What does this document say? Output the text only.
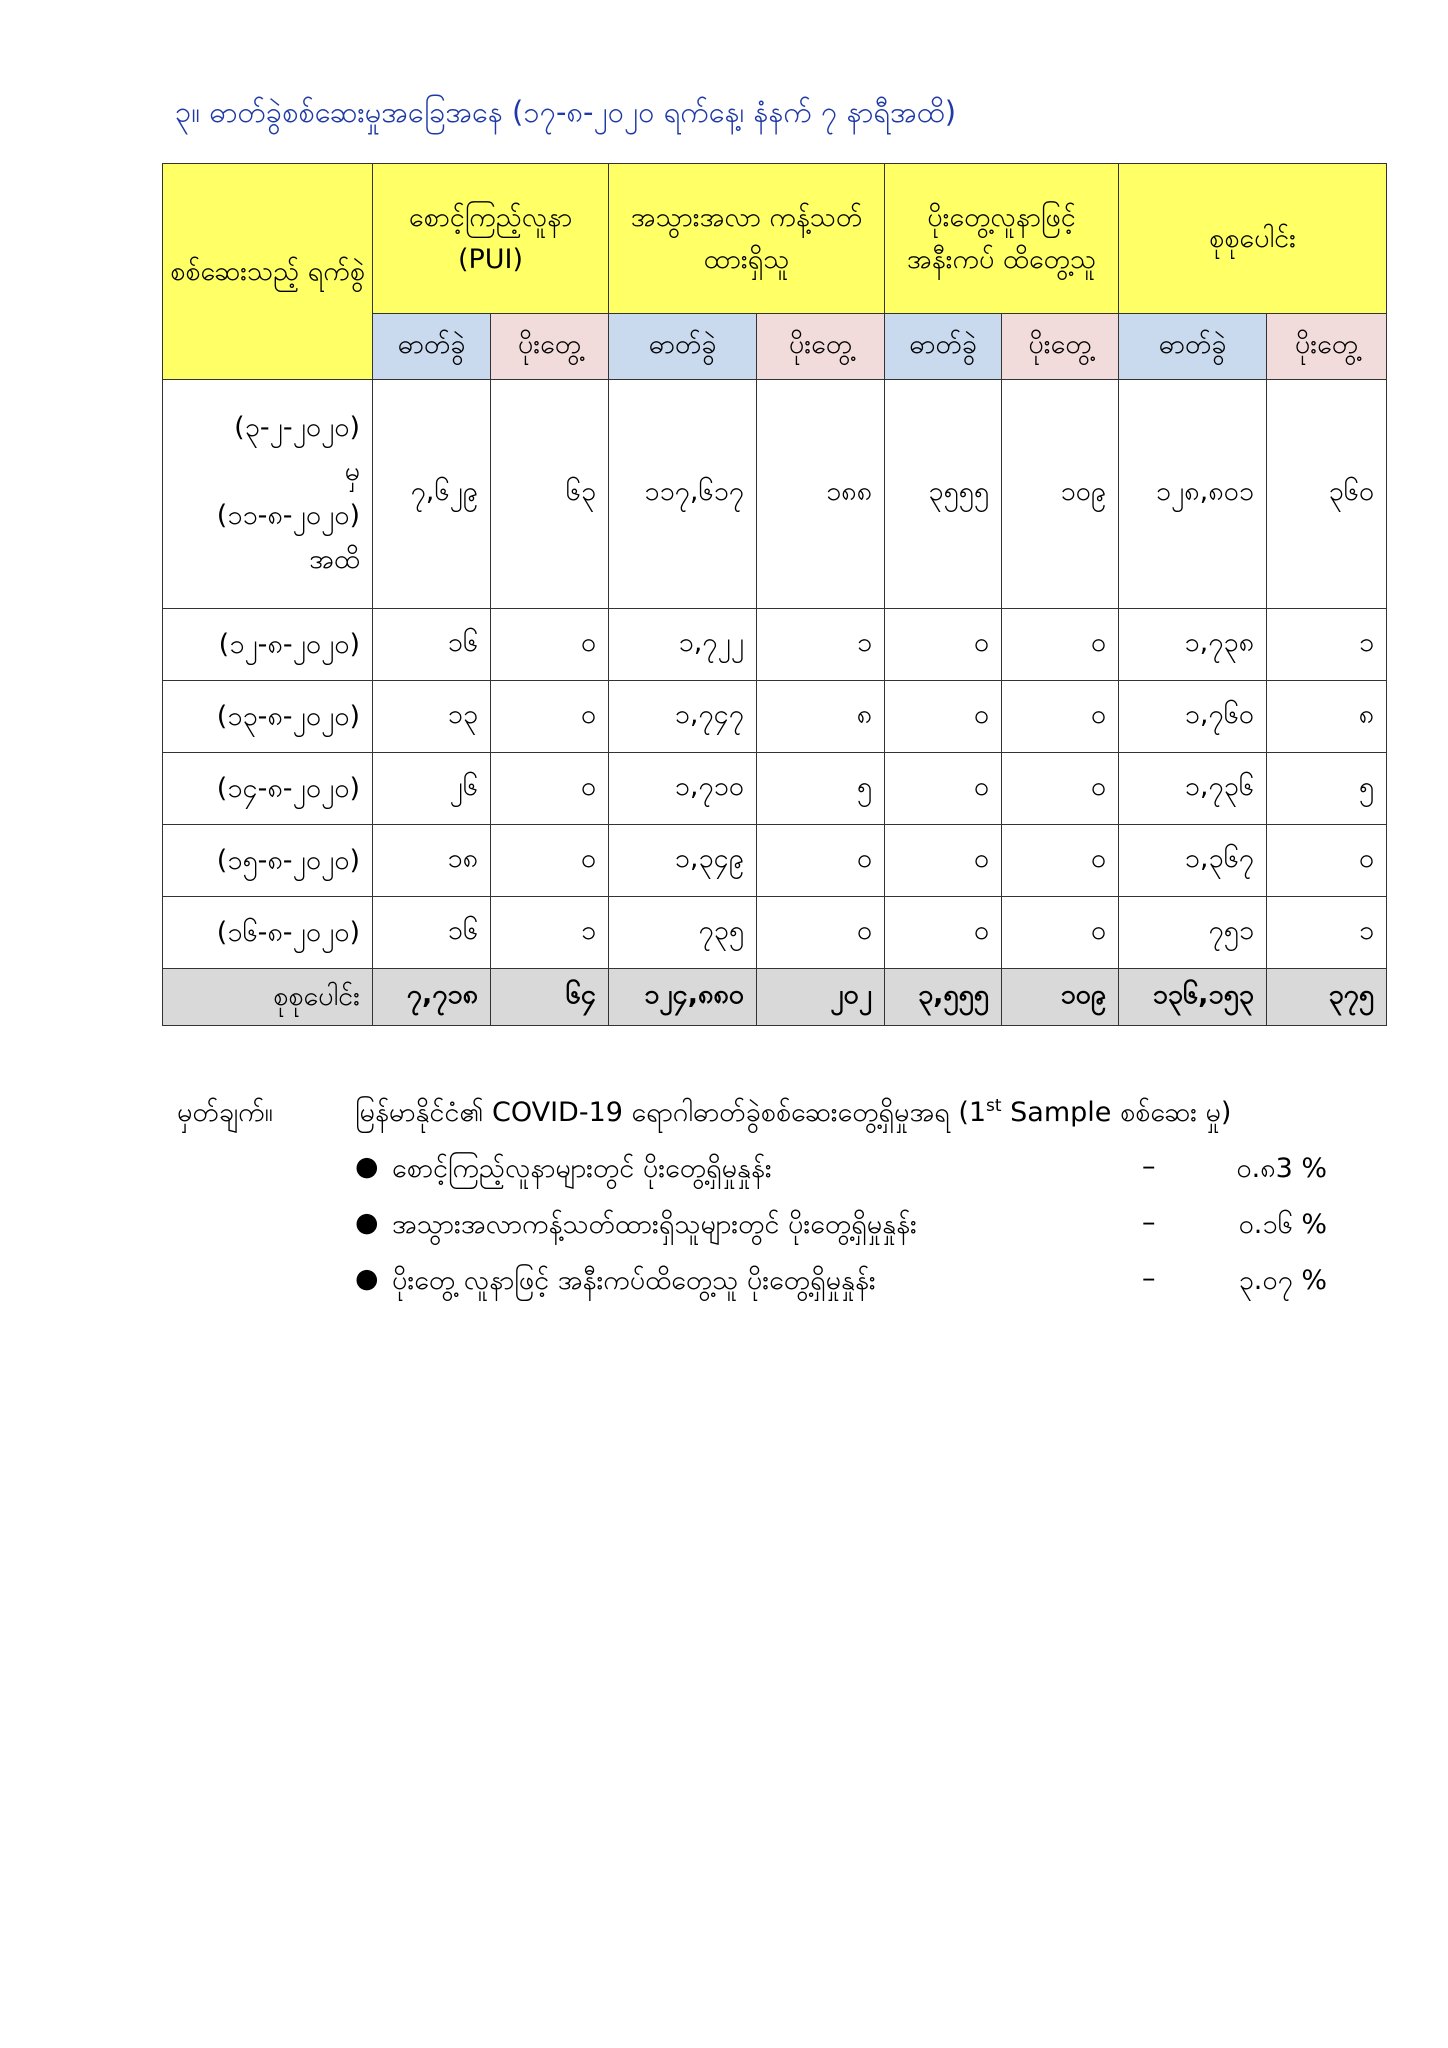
၃။ ဓာတ်ခွဲစစ်ဆေးမှုအခြေအနေ (၁၇-၈-၂၀၂၀ ရက်နေ့၊ နံနက် ၇ နာရီအထိ)
စစ်ဆေးသည့် ရက်စွဲ	စောင့်ကြည့်လူနာ (PUI)		အသွားအလာ ကန့်သတ်ထားရှိသူ		ပိုးတွေ့လူနာဖြင့် အနီးကပ် ထိတွေ့သူ		စုစုပေါင်း	
	ဓာတ်ခွဲ	ပိုးတွေ့	ဓာတ်ခွဲ	ပိုးတွေ့	ဓာတ်ခွဲ	ပိုးတွေ့	ဓာတ်ခွဲ	ပိုးတွေ့

(၃-၂-၂၀၂၀)
မှ
(၁၁-၈-၂၀၂၀)
အထိ	၇,၆၂၉	၆၃	၁၁၇,၆၁၇	၁၈၈	၃၅၅၅	၁၀၉	၁၂၈,၈၀၁	၃၆၀
(၁၂-၈-၂၀၂၀)	၁၆	၀	၁,၇၂၂	၁	၀	၀	၁,၇၃၈	၁
(၁၃-၈-၂၀၂၀)	၁၃	၀	၁,၇၄၇	၈	၀	၀	၁,၇၆၀	၈
(၁၄-၈-၂၀၂၀)	၂၆	၀	၁,၇၁၀	၅	၀	၀	၁,၇၃၆	၅
(၁၅-၈-၂၀၂၀)	၁၈	၀	၁,၃၄၉	၀	၀	၀	၁,၃၆၇	၀
(၁၆-၈-၂၀၂၀)	၁၆	၁	၇၃၅	၀	၀	၀	၇၅၁	၁
စုစုပေါင်း	၇,၇၁၈	၆၄	၁၂၄,၈၈၀	၂၀၂	၃,၅၅၅	၁၀၉	၁၃၆,၁၅၃	၃၇၅
မှတ်ချက်။	မြန်မာနိုင်ငံ၏ COVID-19 ရောဂါဓာတ်ခွဲစစ်ဆေးတွေ့ရှိမှုအရ (1st Sample စစ်ဆေး မှု)
● စောင့်ကြည့်လူနာများတွင် ပိုးတွေ့ရှိမှုနှုန်း	–	၀.၈3 %
● အသွားအလာကန့်သတ်ထားရှိသူများတွင် ပိုးတွေ့ရှိမှုနှုန်း	–	၀.၁၆ %
● ပိုးတွေ့ လူနာဖြင့် အနီးကပ်ထိတွေ့သူ ပိုးတွေ့ရှိမှုနှုန်း	–	၃.၀၇ %
